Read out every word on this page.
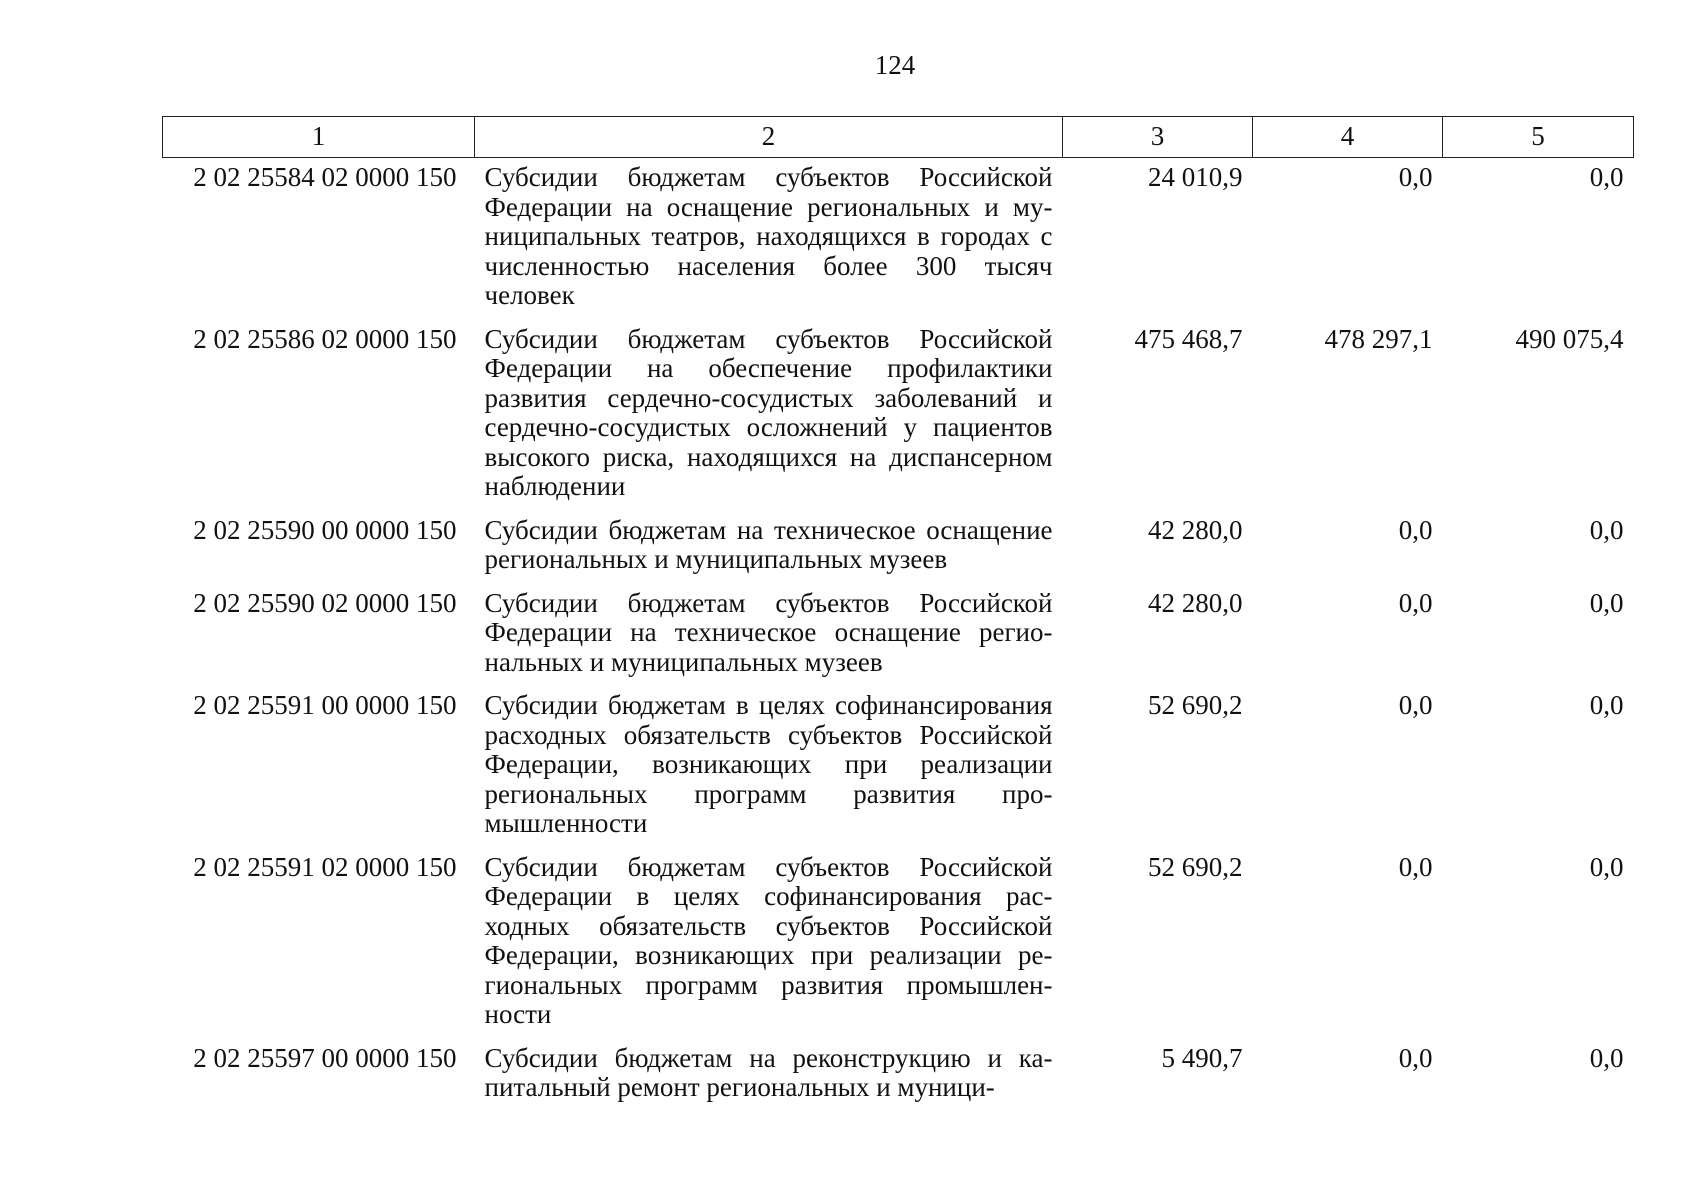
124
1	2	3	4	5
2 02 25584 02 0000 150	Субсидии бюджетам субъектов Российской Федерации на оснащение региональных и муниципальных театров, находящихся в городах с численностью населения более 300 тысяч человек	24 010,9	0,0	0,0
2 02 25586 02 0000 150	Субсидии бюджетам субъектов Российской Федерации на обеспечение профилактики развития сердечно-сосудистых заболеваний и сердечно-сосудистых осложнений у пациентов высокого риска, находящихся на диспансерном наблюдении	475 468,7	478 297,1	490 075,4
2 02 25590 00 0000 150	Субсидии бюджетам на техническое оснащение региональных и муниципальных музеев	42 280,0	0,0	0,0
2 02 25590 02 0000 150	Субсидии бюджетам субъектов Российской Федерации на техническое оснащение региональных и муниципальных музеев	42 280,0	0,0	0,0
2 02 25591 00 0000 150	Субсидии бюджетам в целях софинансирования расходных обязательств субъектов Российской Федерации, возникающих при реализации региональных программ развития промышленности	52 690,2	0,0	0,0
2 02 25591 02 0000 150	Субсидии бюджетам субъектов Российской Федерации в целях софинансирования расходных обязательств субъектов Российской Федерации, возникающих при реализации региональных программ развития промышленности	52 690,2	0,0	0,0
2 02 25597 00 0000 150	Субсидии бюджетам на реконструкцию и капитальный ремонт региональных и муници-	5 490,7	0,0	0,0
